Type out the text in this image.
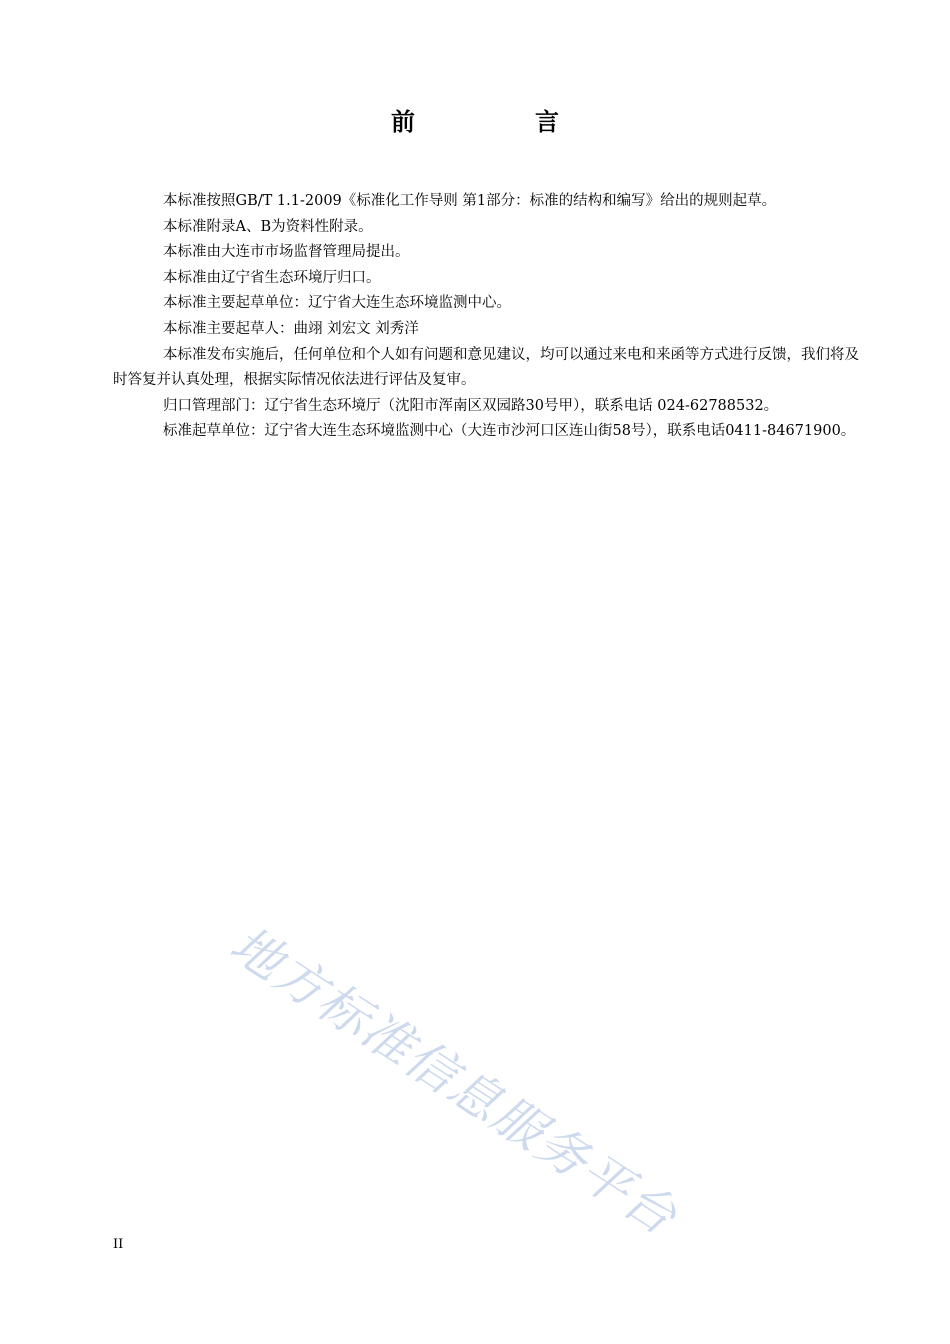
前　言

本标准按照GB/T 1.1-2009《标准化工作导则 第1部分：标准的结构和编写》给出的规则起草。

本标准附录A、B为资料性附录。

本标准由大连市市场监督管理局提出。

本标准由辽宁省生态环境厅归口。

本标准主要起草单位：辽宁省大连生态环境监测中心。

本标准主要起草人：曲翊 刘宏文 刘秀洋

本标准发布实施后，任何单位和个人如有问题和意见建议，均可以通过来电和来函等方式进行反馈，我们将及时答复并认真处理，根据实际情况依法进行评估及复审。

归口管理部门：辽宁省生态环境厅（沈阳市浑南区双园路30号甲），联系电话 024-62788532。

标准起草单位：辽宁省大连生态环境监测中心（大连市沙河口区连山街58号），联系电话0411-84671900。

地方标准信息服务平台
II
